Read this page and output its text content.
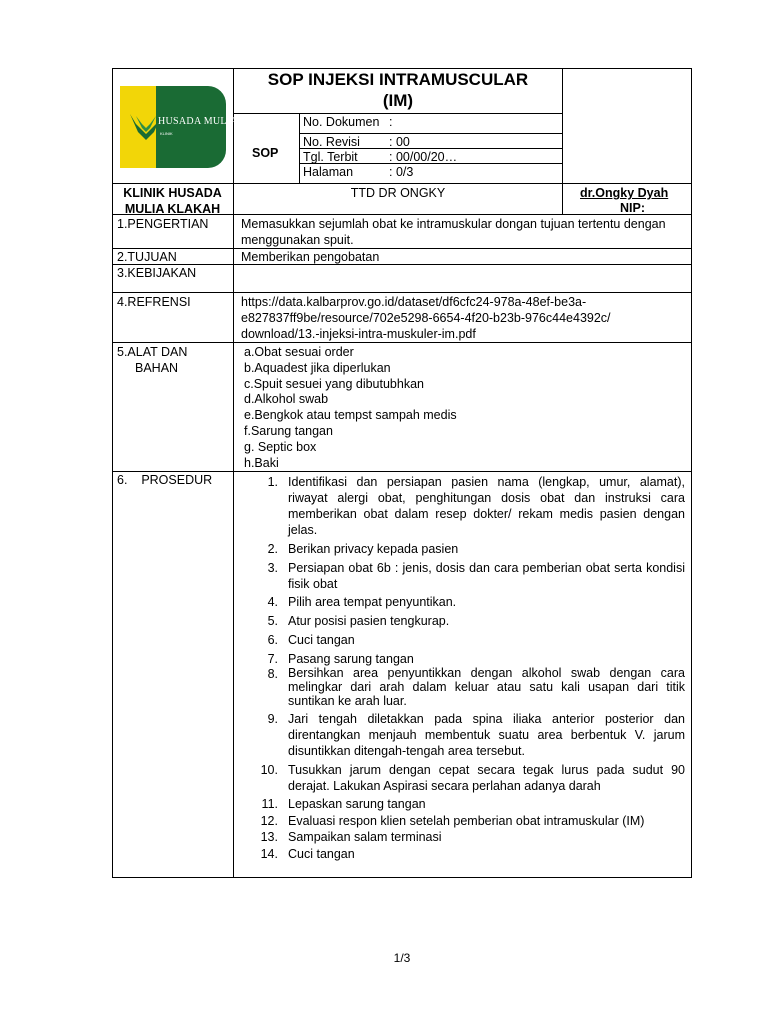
HUSADA MULIA
KLINIK
SOP INJEKSI INTRAMUSCULAR
(IM)
SOP
No. Dokumen :
No. Revisi : 00
Tgl. Terbit	: 00/00/20…
Halaman	: 0/3
KLINIK HUSADA
MULIA KLAKAH
TTD DR ONGKY	dr.Ongky Dyah
NIP:
1.PENGERTIAN	Memasukkan sejumlah obat ke intramuskular dongan tujuan tertentu dengan
menggunakan spuit.
2.TUJUAN	Memberikan pengobatan
3.KEBIJAKAN
4.REFRENSI	https://data.kalbarprov.go.id/dataset/df6cfc24-978a-48ef-be3a-
e827837ff9be/resource/702e5298-6654-4f20-b23b-976c44e4392c/
download/13.-injeksi-intra-muskuler-im.pdf
5.ALAT DAN
BAHAN
a.Obat sesuai order
b.Aquadest jika diperlukan
c.Spuit sesuei yang dibutubhkan
d.Alkohol swab
e.Bengkok atau tempst sampah medis
f.Sarung tangan
g. Septic box
h.Baki
6.    PROSEDUR	1. Identifikasi dan persiapan pasien nama (lengkap, umur, alamat), riwayat alergi obat, penghitungan dosis obat dan instruksi cara memberikan obat dalam resep dokter/ rekam medis pasien dengan jelas.
2. Berikan privacy kepada pasien
3. Persiapan obat 6b : jenis, dosis dan cara pemberian obat serta kondisi fisik obat
4. Pilih area tempat penyuntikan.
5. Atur posisi pasien tengkurap.
6. Cuci tangan
7. Pasang sarung tangan
8. Bersihkan area penyuntikkan dengan alkohol swab dengan cara melingkar dari arah dalam keluar atau satu kali usapan dari titik suntikan ke arah luar.
9. Jari tengah diletakkan pada spina iliaka anterior posterior dan direntangkan menjauh membentuk suatu area berbentuk V. jarum disuntikkan ditengah-tengah area tersebut.
10. Tusukkan jarum dengan cepat secara tegak lurus pada sudut 90 derajat. Lakukan Aspirasi secara perlahan adanya darah
11. Lepaskan sarung tangan
12. Evaluasi respon klien setelah pemberian obat intramuskular (IM)
13. Sampaikan salam terminasi
14. Cuci tangan
1/3
